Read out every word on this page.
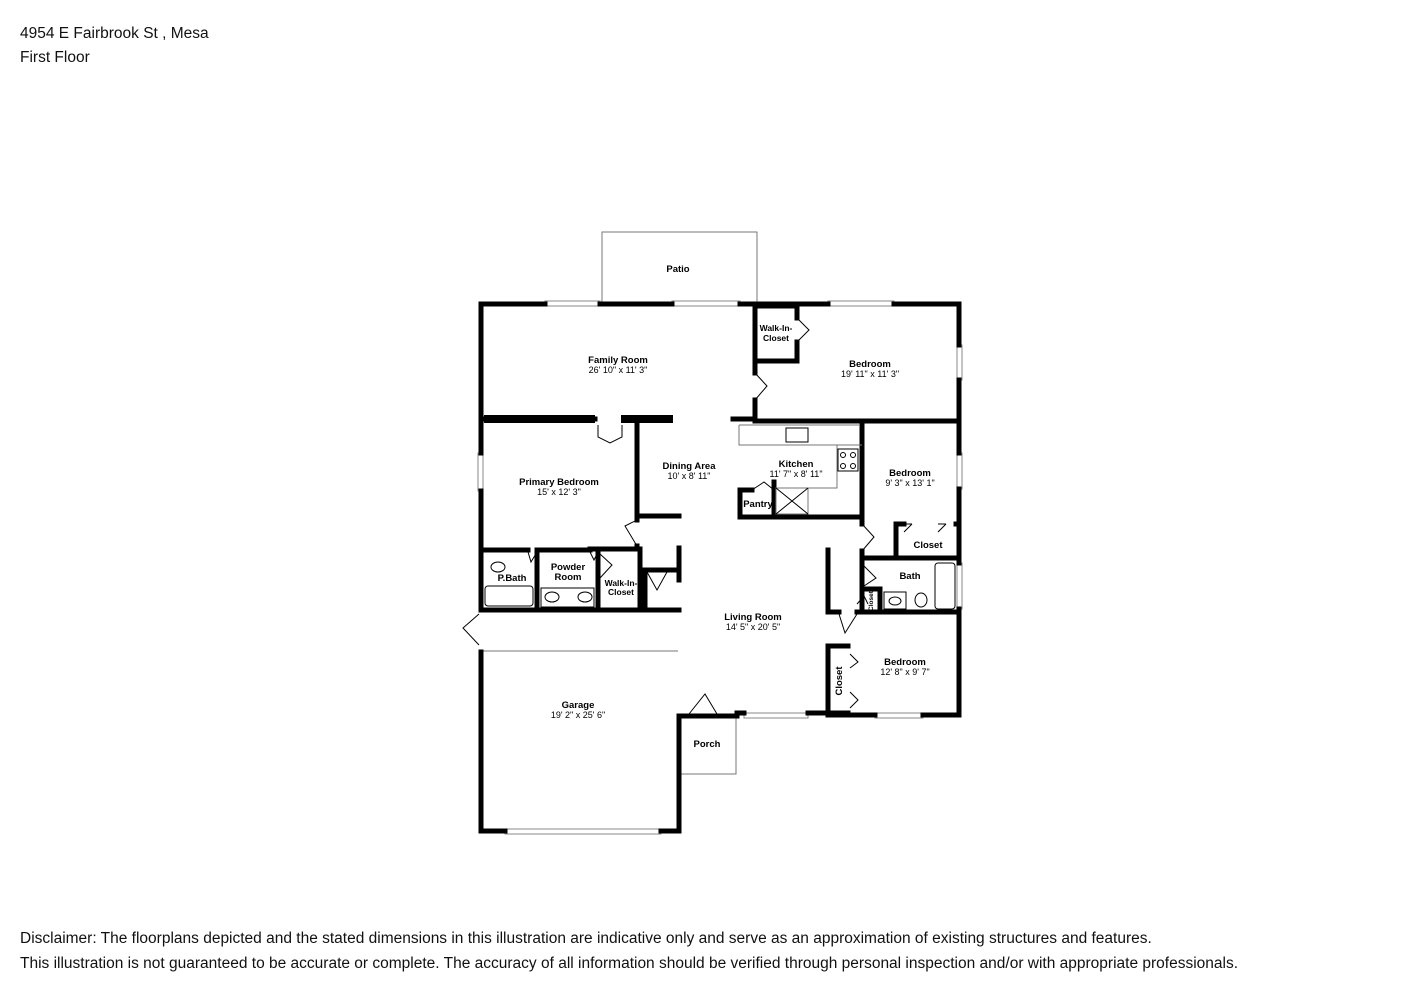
4954 E Fairbrook St , Mesa
First Floor
Patio
Family Room
26' 10" x 11' 3"
Walk-In-
Closet
Bedroom
19' 11" x 11' 3"
Dining Area
10' x 8' 11"
Kitchen
11' 7" x 8' 11"
Pantry
Bedroom
9' 3" x 13' 1"
Closet
Primary Bedroom
15' x 12' 3"
P.Bath
Powder
Room	Walk-In-
Closet
Bath
Closet
Living Room
14' 5" x 20' 5"
Bedroom
12' 8" x 9' 7"
Closet
Garage
19' 2" x 25' 6"
Porch
Disclaimer: The floorplans depicted and the stated dimensions in this illustration are indicative only and serve as an approximation of existing structures and features.
This illustration is not guaranteed to be accurate or complete. The accuracy of all information should be verified through personal inspection and/or with appropriate professionals.
